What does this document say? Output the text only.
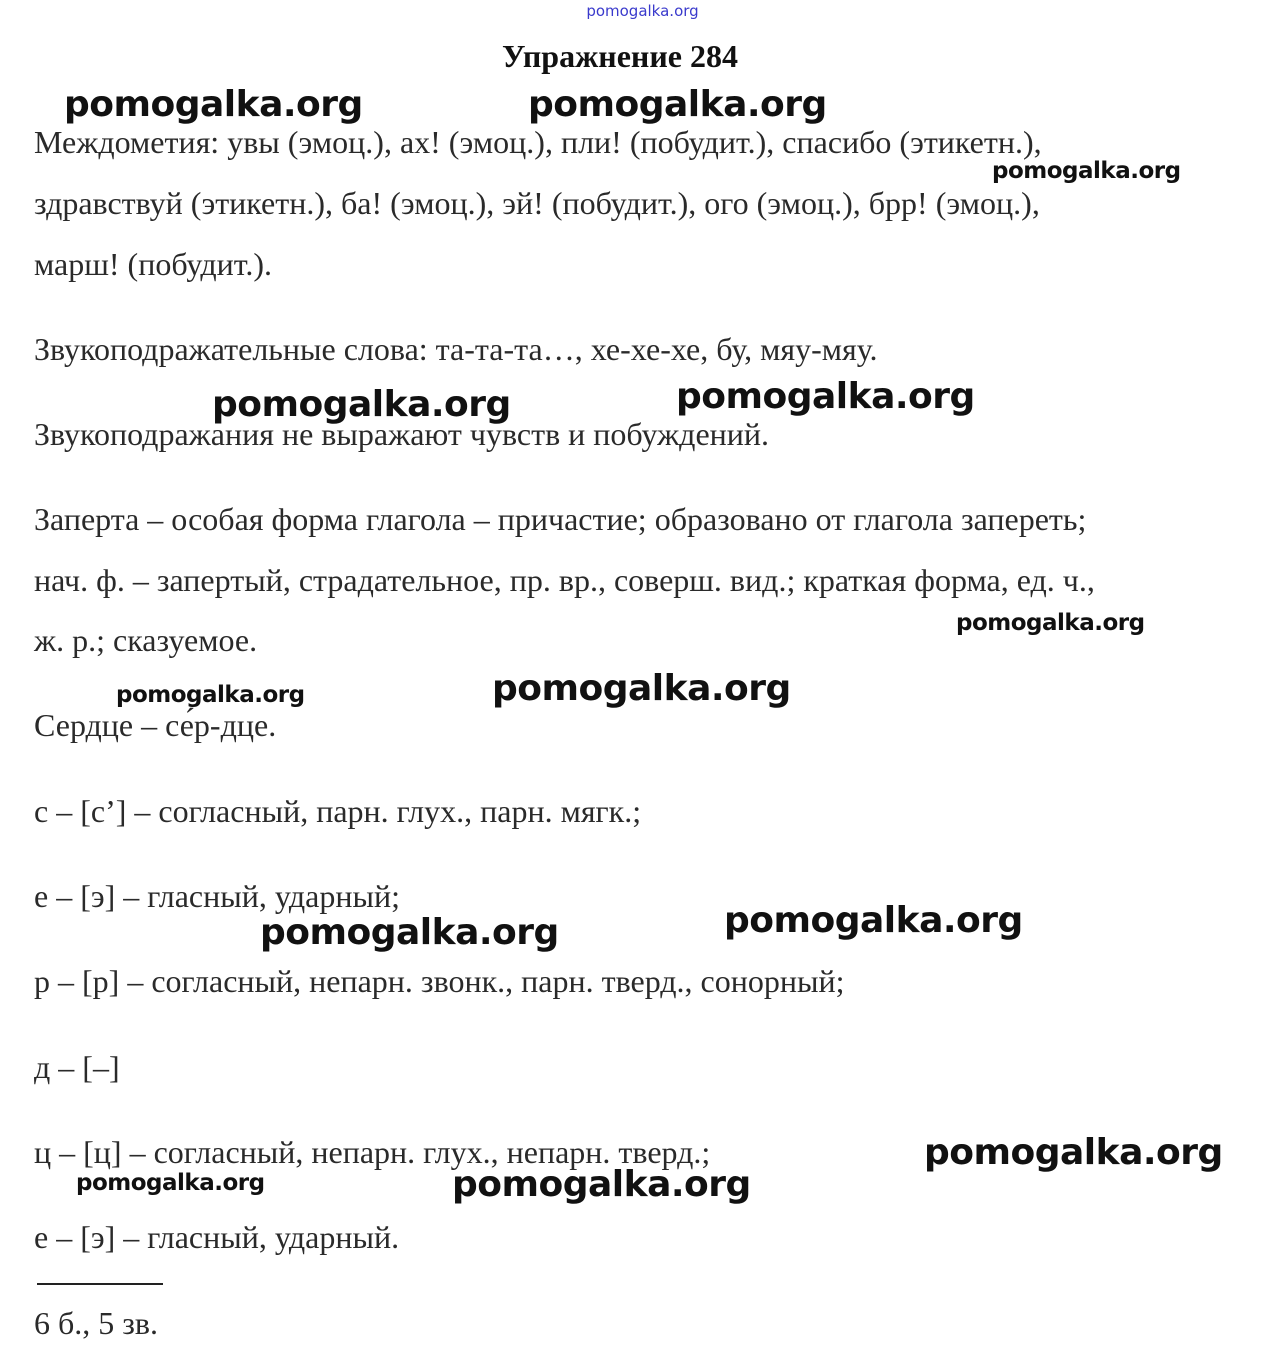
pomogalka.org
Упражнение 284
Междометия: увы (эмоц.), ах! (эмоц.), пли! (побудит.), спасибо (этикетн.),
здравствуй (этикетн.), ба! (эмоц.), эй! (побудит.), ого (эмоц.), брр! (эмоц.),
марш! (побудит.).
Звукоподражательные слова: та-та-та…, хе-хе-хе, бу, мяу-мяу.
Звукоподражания не выражают чувств и побуждений.
Заперта – особая форма глагола – причастие; образовано от глагола запереть;
нач. ф. – запертый, страдательное, пр. вр., соверш. вид.; краткая форма, ед. ч.,
ж. р.; сказуемое.
Сердце – се́р-дце.
с – [с’] – согласный, парн. глух., парн. мягк.;
е – [э] – гласный, ударный;
р – [р] – согласный, непарн. звонк., парн. тверд., сонорный;
д – [–]
ц – [ц] – согласный, непарн. глух., непарн. тверд.;
е – [э] – гласный, ударный.
6 б., 5 зв.
pomogalka.org	pomogalka.org
pomogalka.org
pomogalka.org	pomogalka.org
pomogalka.org
pomogalka.org	pomogalka.org
pomogalka.org	pomogalka.org
pomogalka.org
pomogalka.org	pomogalka.org
